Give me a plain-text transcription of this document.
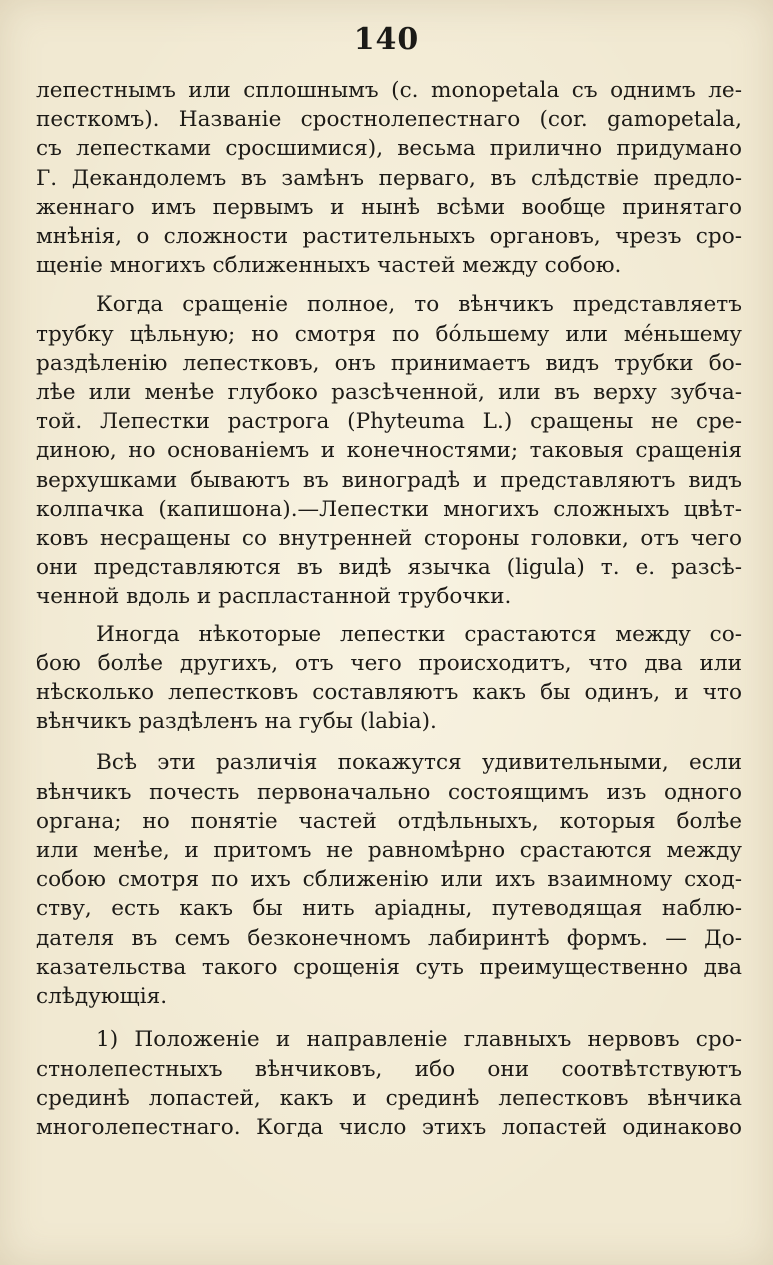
140
лепестнымъ или сплошнымъ (c. monopetala съ однимъ ле-
песткомъ). Названіе сростнолепестнаго (cor. gamopetala,
съ лепестками сросшимися), весьма прилично придумано
Г. Декандолемъ въ замѣнъ перваго, въ слѣдствіе предло-
женнаго имъ первымъ и нынѣ всѣми вообще принятаго
мнѣнія, о сложности растительныхъ органовъ, чрезъ сро-
щеніе многихъ сближенныхъ частей между собою.
Когда сращеніе полное, то вѣнчикъ представляетъ
трубку цѣльную; но смотря по бóльшему или мéньшему
раздѣленію лепестковъ, онъ принимаетъ видъ трубки бо-
лѣе или менѣе глубоко разсѣченной, или въ верху зубча-
той. Лепестки растрога (Phyteuma L.) сращены не сре-
диною, но основаніемъ и конечностями; таковыя сращенія
верхушками бываютъ въ виноградѣ и представляютъ видъ
колпачка (капишона).—Лепестки многихъ сложныхъ цвѣт-
ковъ несращены со внутренней стороны головки, отъ чего
они представляются въ видѣ язычка (ligula) т. е. разсѣ-
ченной вдоль и распластанной трубочки.
Иногда нѣкоторые лепестки срастаются между со-
бою болѣе другихъ, отъ чего происходитъ, что два или
нѣсколько лепестковъ составляютъ какъ бы одинъ, и что
вѣнчикъ раздѣленъ на губы (labia).
Всѣ эти различія покажутся удивительными, если
вѣнчикъ почесть первоначально состоящимъ изъ одного
органа; но понятіе частей отдѣльныхъ, которыя болѣе
или менѣе, и притомъ не равномѣрно срастаются между
собою смотря по ихъ сближенію или ихъ взаимному сход-
ству, есть какъ бы нить аріадны, путеводящая наблю-
дателя въ семъ безконечномъ лабиринтѣ формъ. — До-
казательства такого срощенія суть преимущественно два
слѣдующія.
1) Положеніе и направленіе главныхъ нервовъ сро-
стнолепестныхъ вѣнчиковъ, ибо они соотвѣтствуютъ
срединѣ лопастей, какъ и срединѣ лепестковъ вѣнчика
многолепестнаго. Когда число этихъ лопастей одинаково
